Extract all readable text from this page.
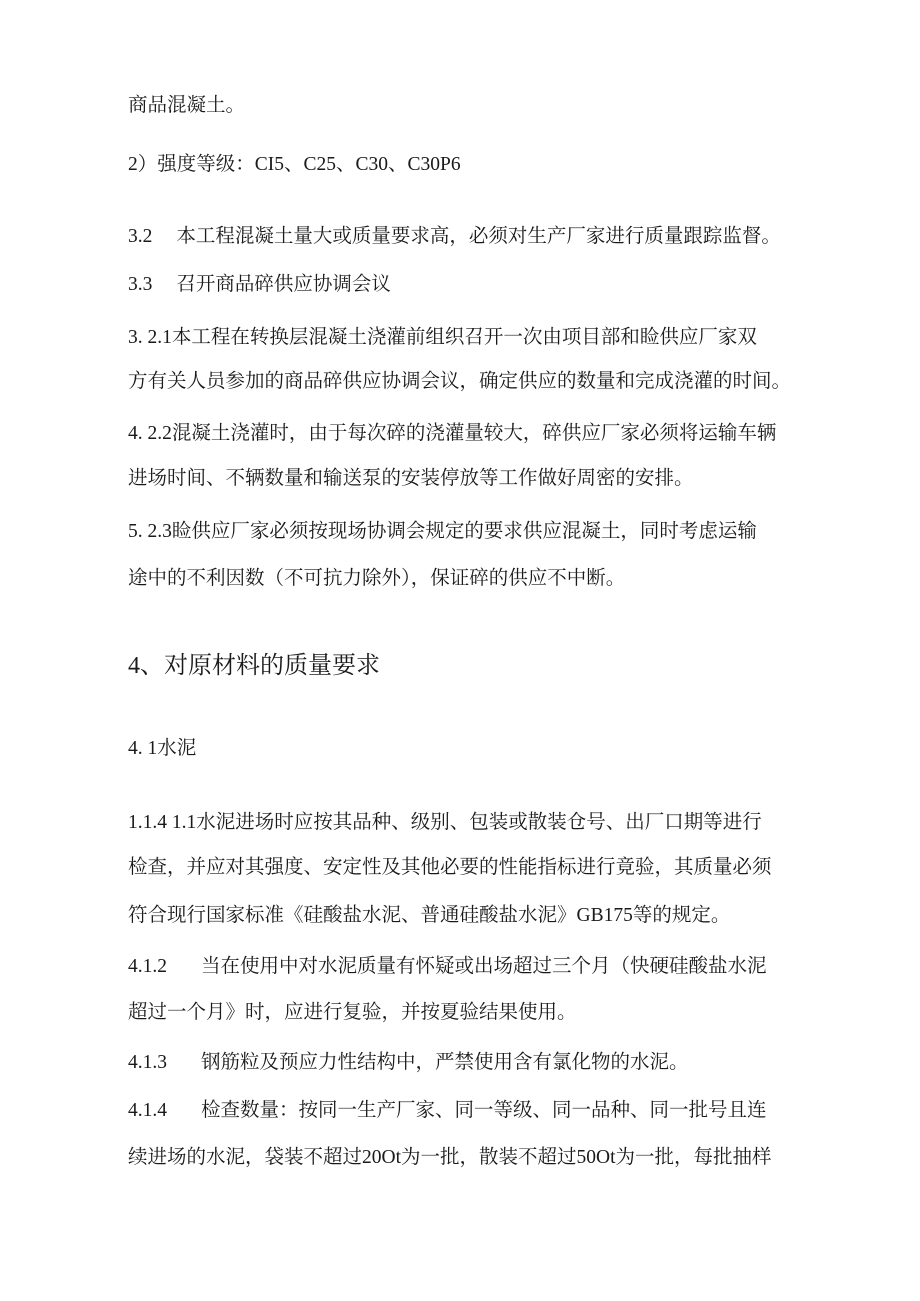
商品混凝土。
2）强度等级：CI5、C25、C30、C30P6
3.2 本工程混凝土量大或质量要求高，必须对生产厂家进行质量跟踪监督。
3.3 召开商品碎供应协调会议
3. 2.1本工程在转换层混凝土浇灌前组织召开一次由项目部和睑供应厂家双
方有关人员参加的商品碎供应协调会议，确定供应的数量和完成浇灌的时间。
4. 2.2混凝土浇灌时，由于每次碎的浇灌量较大，碎供应厂家必须将运输车辆
进场时间、不辆数量和输送泵的安装停放等工作做好周密的安排。
5. 2.3睑供应厂家必须按现场协调会规定的要求供应混凝土，同时考虑运输
途中的不利因数（不可抗力除外），保证碎的供应不中断。
4、对原材料的质量要求
4. 1水泥
1.1.4 1.1水泥进场时应按其品种、级别、包装或散装仓号、出厂口期等进行
检查，并应对其强度、安定性及其他必要的性能指标进行竟验，其质量必须
符合现行国家标准《硅酸盐水泥、普通硅酸盐水泥》GB175等的规定。
4.1.2 当在使用中对水泥质量有怀疑或出场超过三个月（快硬硅酸盐水泥
超过一个月》时，应进行复验，并按夏验结果使用。
4.1.3 钢筋粒及预应力性结构中，严禁使用含有氯化物的水泥。
4.1.4 检查数量：按同一生产厂家、同一等级、同一品种、同一批号且连
续进场的水泥，袋装不超过20Ot为一批，散装不超过50Ot为一批，每批抽样
